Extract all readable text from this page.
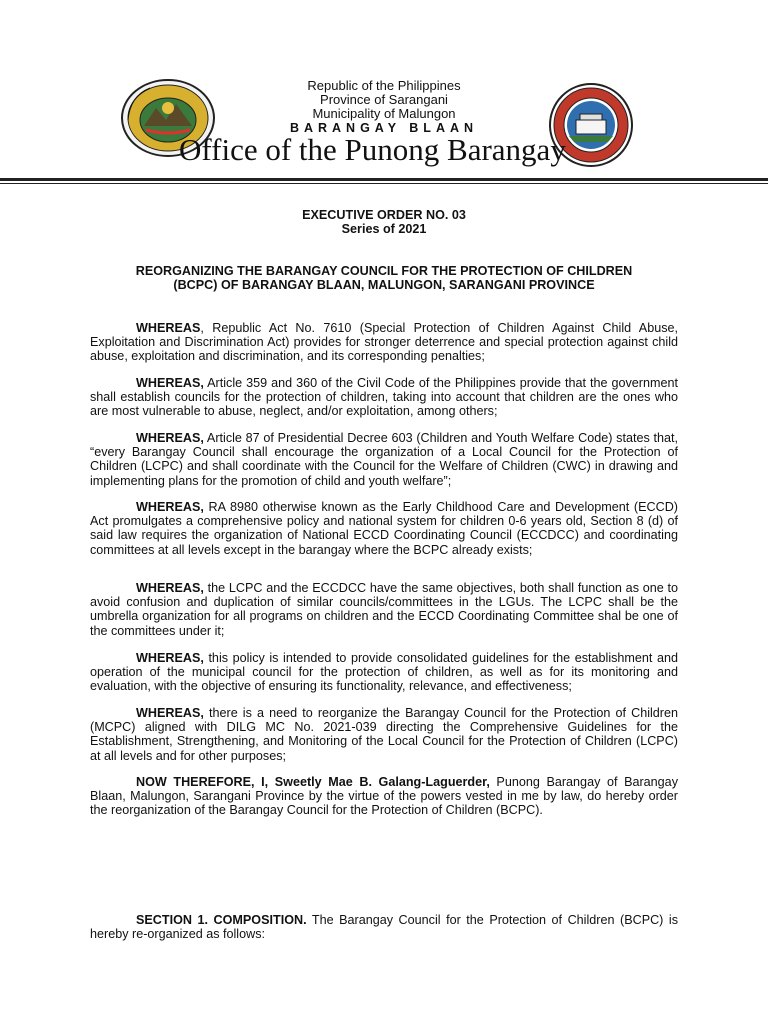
Republic of the Philippines
Province of Sarangani
Municipality of Malungon
BARANGAY BLAAN
Office of the Punong Barangay
EXECUTIVE ORDER NO. 03
Series of 2021
REORGANIZING THE BARANGAY COUNCIL FOR THE PROTECTION OF CHILDREN
(BCPC) OF BARANGAY BLAAN, MALUNGON, SARANGANI PROVINCE

WHEREAS, Republic Act No. 7610 (Special Protection of Children Against Child Abuse, Exploitation and Discrimination Act) provides for stronger deterrence and special protection against child abuse, exploitation and discrimination, and its corresponding penalties;

WHEREAS, Article 359 and 360 of the Civil Code of the Philippines provide that the government shall establish councils for the protection of children, taking into account that children are the ones who are most vulnerable to abuse, neglect, and/or exploitation, among others;

WHEREAS, Article 87 of Presidential Decree 603 (Children and Youth Welfare Code) states that, “every Barangay Council shall encourage the organization of a Local Council for the Protection of Children (LCPC) and shall coordinate with the Council for the Welfare of Children (CWC) in drawing and implementing plans for the promotion of child and youth welfare”;

WHEREAS, RA 8980 otherwise known as the Early Childhood Care and Development (ECCD) Act promulgates a comprehensive policy and national system for children 0-6 years old, Section 8 (d) of said law requires the organization of National ECCD Coordinating Council (ECCDCC) and coordinating committees at all levels except in the barangay where the BCPC already exists;

WHEREAS, the LCPC and the ECCDCC have the same objectives, both shall function as one to avoid confusion and duplication of similar councils/committees in the LGUs. The LCPC shall be the umbrella organization for all programs on children and the ECCD Coordinating Committee shal be one of the committees under it;

WHEREAS, this policy is intended to provide consolidated guidelines for the establishment and operation of the municipal council for the protection of children, as well as for its monitoring and evaluation, with the objective of ensuring its functionality, relevance, and effectiveness;

WHEREAS, there is a need to reorganize the Barangay Council for the Protection of Children (MCPC) aligned with DILG MC No. 2021-039 directing the Comprehensive Guidelines for the Establishment, Strengthening, and Monitoring of the Local Council for the Protection of Children (LCPC) at all levels and for other purposes;

NOW THEREFORE, I, Sweetly Mae B. Galang-Laguerder, Punong Barangay of Barangay Blaan, Malungon, Sarangani Province by the virtue of the powers vested in me by law, do hereby order the reorganization of the Barangay Council for the Protection of Children (BCPC).

SECTION 1. COMPOSITION. The Barangay Council for the Protection of Children (BCPC) is hereby re-organized as follows:
